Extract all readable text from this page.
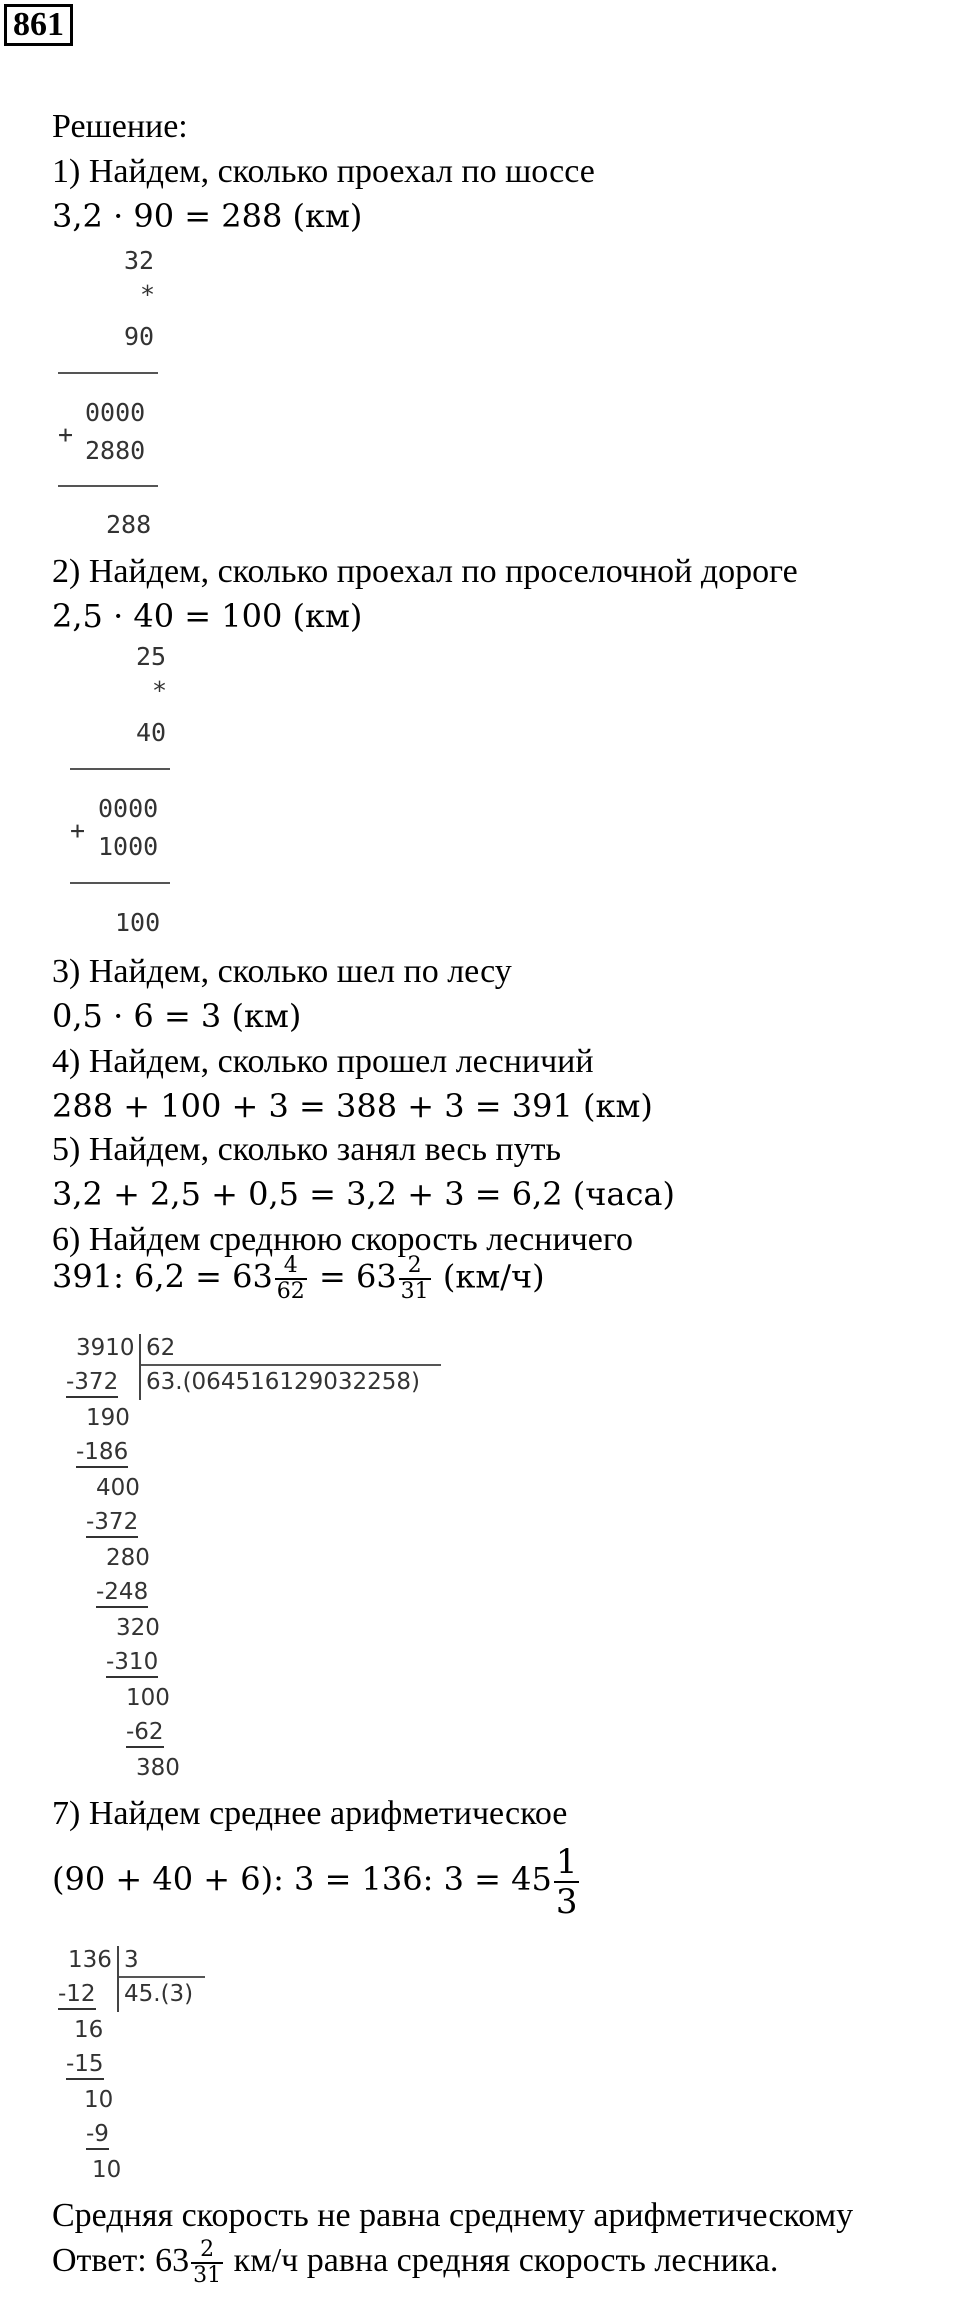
861
Решение:
1) Найдем, сколько проехал по шоссе
3,2 · 90 = 288 (км)
32
*
90
0000
+
2880
288
2) Найдем, сколько проехал по проселочной дороге
2,5 · 40 = 100 (км)
25
*
40
0000
+
1000
100
3) Найдем, сколько шел по лесу
0,5 · 6 = 3 (км)
4) Найдем, сколько прошел лесничий
288 + 100 + 3 = 388 + 3 = 391 (км)
5) Найдем, сколько занял весь путь
3,2 + 2,5 + 0,5 = 3,2 + 3 = 6,2 (часа)
6) Найдем среднюю скорость лесничего
391: $6,2 = 63 \frac{4}{62} = 63 \frac{2}{31} (км/ч)$
3910 62
63.(064516129032258)
-372
190
-186
400
-372
280
-248
320
-310
100
-62
380
7) Найдем среднее арифметическое
(90 + 40 + 6): 3 = 136: $3 = 45 \frac{1}{3}$
136 3
45.(3)
-12
16
-15
10
-9
10
Средняя скорость не равна среднему арифметическому
Ответ: $63 \frac{2}{31} км/ч$ равна средняя скорость лесника.
